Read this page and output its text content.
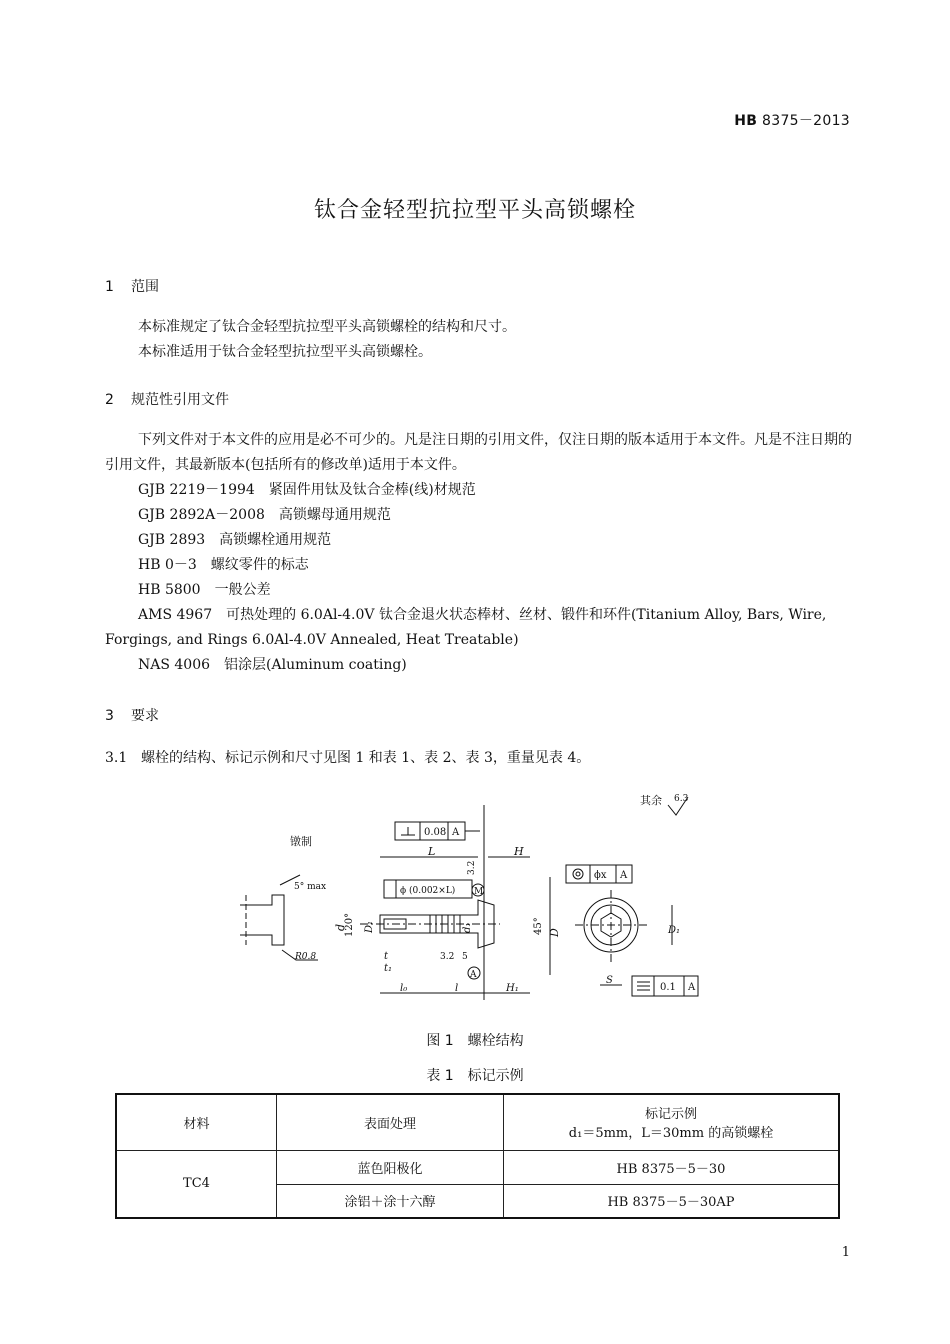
HB 8375－2013
钛合金轻型抗拉型平头高锁螺栓
1 范围
本标准规定了钛合金轻型抗拉型平头高锁螺栓的结构和尺寸。
本标准适用于钛合金轻型抗拉型平头高锁螺栓。
2 规范性引用文件
下列文件对于本文件的应用是必不可少的。凡是注日期的引用文件，仅注日期的版本适用于本文件。凡是不注日期的引用文件，其最新版本(包括所有的修改单)适用于本文件。
GJB 2219－1994　紧固件用钛及钛合金棒(线)材规范
GJB 2892A－2008　高锁螺母通用规范
GJB 2893　高锁螺栓通用规范
HB 0－3　螺纹零件的标志
HB 5800　一般公差
AMS 4967　可热处理的 6.0Al-4.0V 钛合金退火状态棒材、丝材、锻件和环件(Titanium Alloy, Bars, Wire, Forgings, and Rings 6.0Al-4.0V Annealed, Heat Treatable)
NAS 4006　铝涂层(Aluminum coating)
3 要求
3.1 螺栓的结构、标记示例和尺寸见图 1 和表 1、表 2、表 3，重量见表 4。
其余 6.3
镦制
5° max
R0.8
0.08 A
L	H
3.2
ϕ (0.002×L) M
d
120° D₁	d₁	45° D
t
t₁
3.2 5
A
l₀	l	H₁
ϕx A
D₁
S
0.1 A
图 1　螺栓结构
表 1　标记示例
材料	表面处理	标记示例
d₁＝5mm，L＝30mm 的高锁螺栓

TC4	蓝色阳极化	HB 8375－5－30
	涂铝＋涂十六醇	HB 8375－5－30AP
1
